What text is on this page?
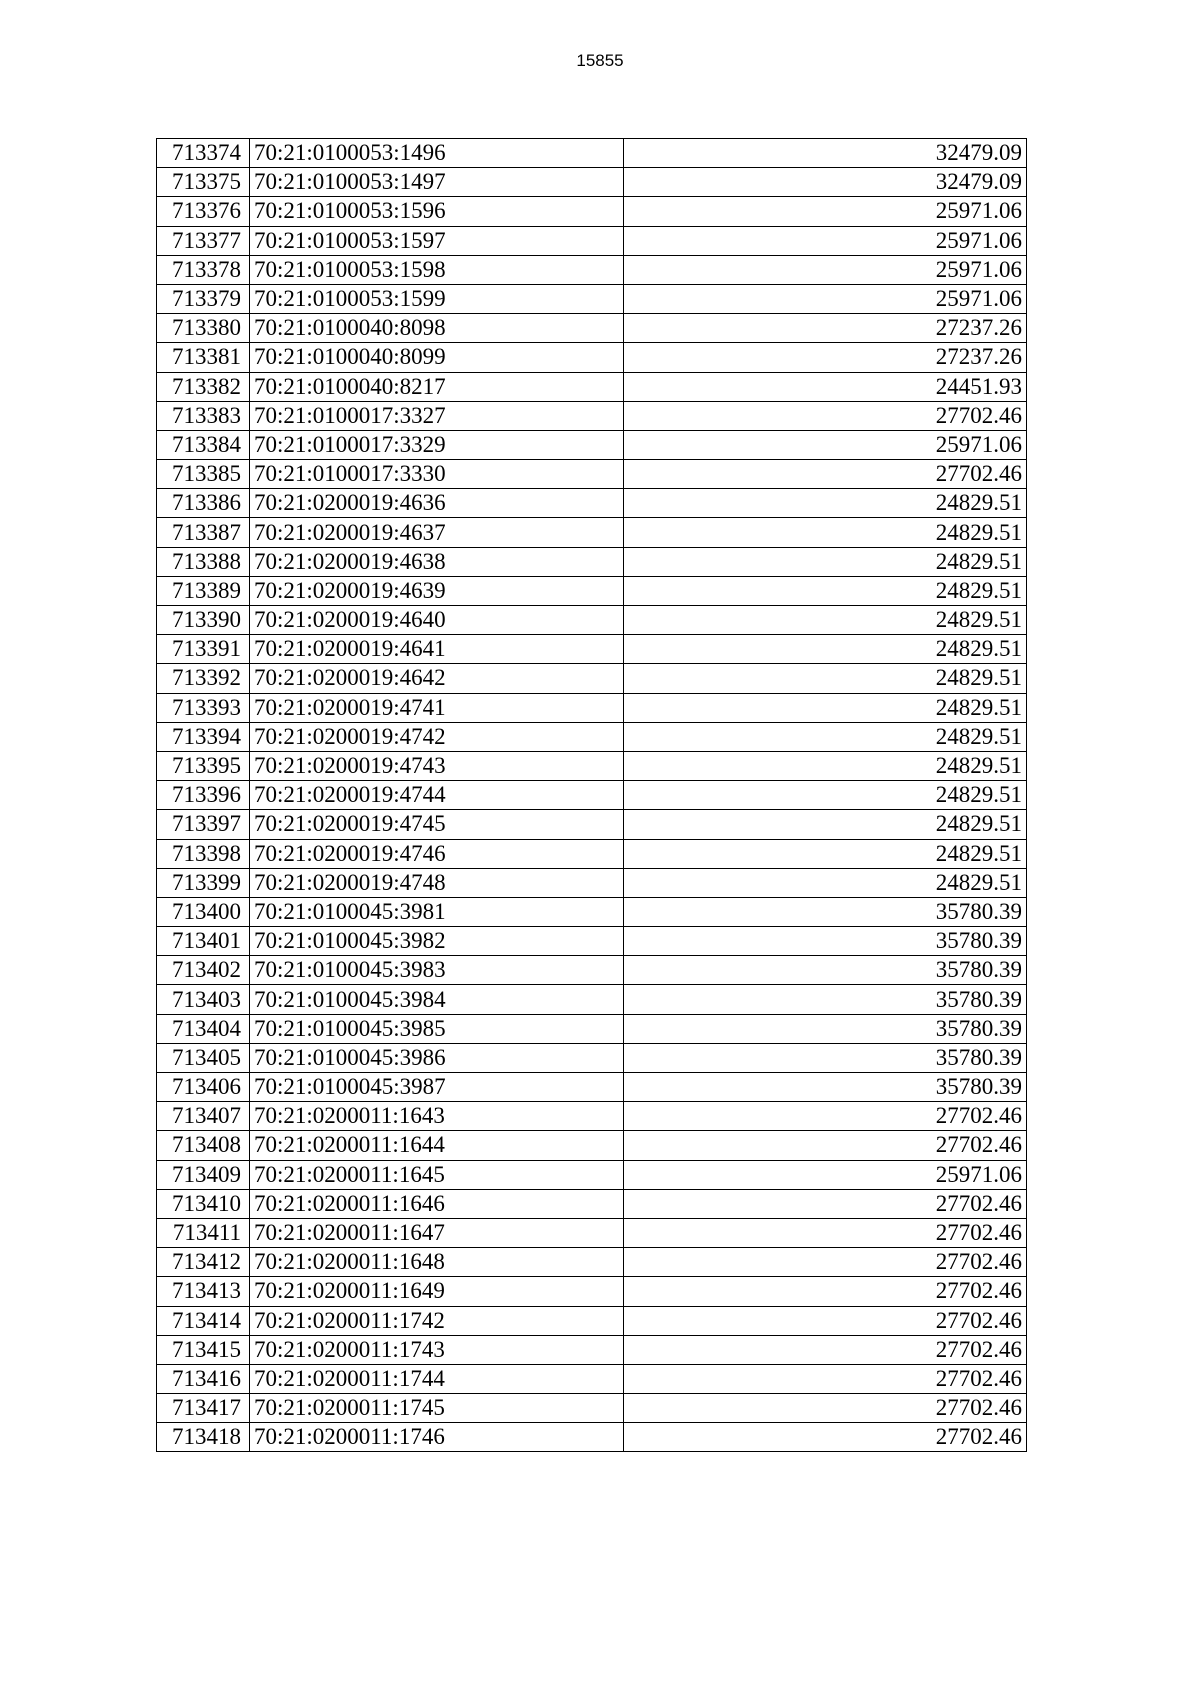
15855
713374	70:21:0100053:1496	32479.09
713375	70:21:0100053:1497	32479.09
713376	70:21:0100053:1596	25971.06
713377	70:21:0100053:1597	25971.06
713378	70:21:0100053:1598	25971.06
713379	70:21:0100053:1599	25971.06
713380	70:21:0100040:8098	27237.26
713381	70:21:0100040:8099	27237.26
713382	70:21:0100040:8217	24451.93
713383	70:21:0100017:3327	27702.46
713384	70:21:0100017:3329	25971.06
713385	70:21:0100017:3330	27702.46
713386	70:21:0200019:4636	24829.51
713387	70:21:0200019:4637	24829.51
713388	70:21:0200019:4638	24829.51
713389	70:21:0200019:4639	24829.51
713390	70:21:0200019:4640	24829.51
713391	70:21:0200019:4641	24829.51
713392	70:21:0200019:4642	24829.51
713393	70:21:0200019:4741	24829.51
713394	70:21:0200019:4742	24829.51
713395	70:21:0200019:4743	24829.51
713396	70:21:0200019:4744	24829.51
713397	70:21:0200019:4745	24829.51
713398	70:21:0200019:4746	24829.51
713399	70:21:0200019:4748	24829.51
713400	70:21:0100045:3981	35780.39
713401	70:21:0100045:3982	35780.39
713402	70:21:0100045:3983	35780.39
713403	70:21:0100045:3984	35780.39
713404	70:21:0100045:3985	35780.39
713405	70:21:0100045:3986	35780.39
713406	70:21:0100045:3987	35780.39
713407	70:21:0200011:1643	27702.46
713408	70:21:0200011:1644	27702.46
713409	70:21:0200011:1645	25971.06
713410	70:21:0200011:1646	27702.46
713411	70:21:0200011:1647	27702.46
713412	70:21:0200011:1648	27702.46
713413	70:21:0200011:1649	27702.46
713414	70:21:0200011:1742	27702.46
713415	70:21:0200011:1743	27702.46
713416	70:21:0200011:1744	27702.46
713417	70:21:0200011:1745	27702.46
713418	70:21:0200011:1746	27702.46
